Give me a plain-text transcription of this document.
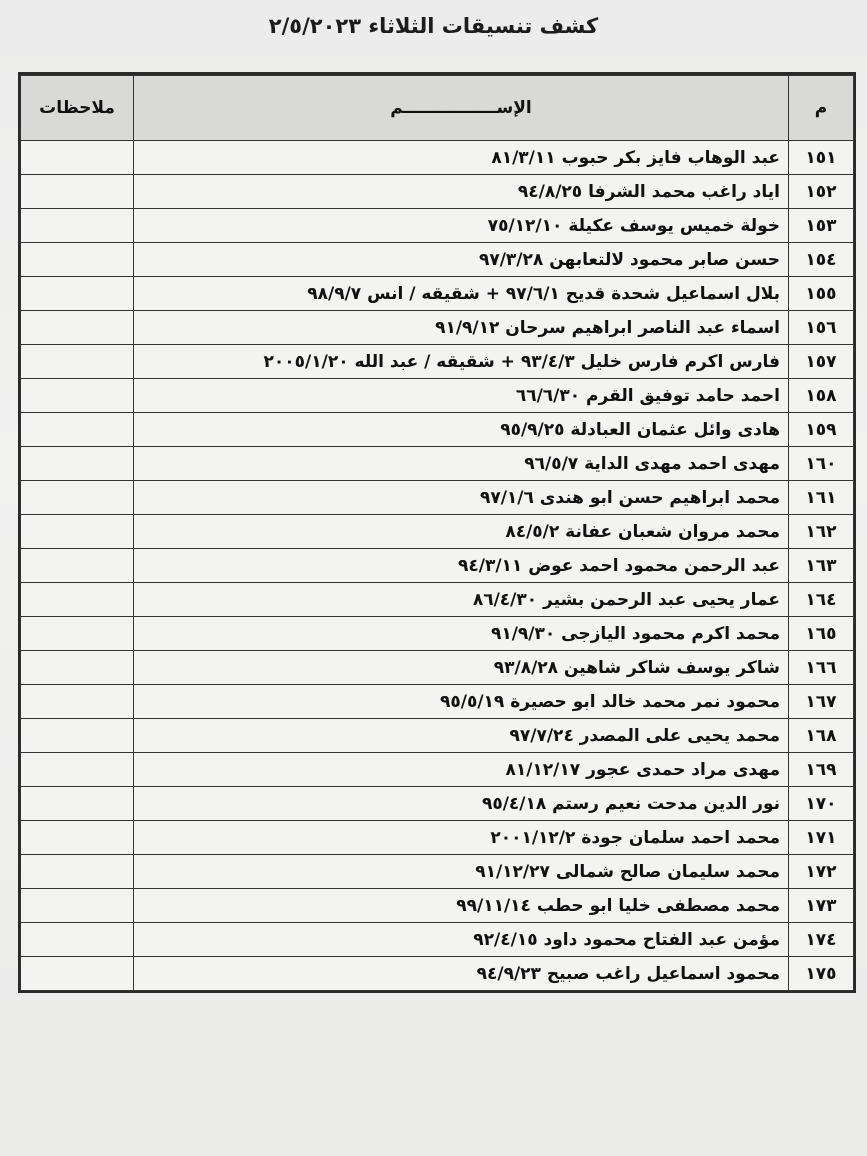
كشف تنسيقات الثلاثاء ٢/٥/٢٠٢٣
م	الإســــــــــــــــم	ملاحظات
١٥١	عبد الوهاب فايز بكر حبوب ٨١/٣/١١	
١٥٢	اياد راغب محمد الشرفا ٩٤/٨/٢٥	
١٥٣	خولة خميس يوسف عكيلة ٧٥/١٢/١٠	
١٥٤	حسن صابر محمود لالتعابهن ٩٧/٣/٢٨	
١٥٥	بلال اسماعيل شحدة قديح ٩٧/٦/١ + شقيقه / انس ٩٨/٩/٧	
١٥٦	اسماء عبد الناصر ابراهيم سرحان ٩١/٩/١٢	
١٥٧	فارس اكرم فارس خليل ٩٣/٤/٣ + شقيقه / عبد الله ٢٠٠٥/١/٢٠	
١٥٨	احمد حامد توفيق القرم ٦٦/٦/٣٠	
١٥٩	هادى وائل عثمان العبادلة ٩٥/٩/٢٥	
١٦٠	مهدى احمد مهدى الداية ٩٦/٥/٧	
١٦١	محمد ابراهيم حسن ابو هندى ٩٧/١/٦	
١٦٢	محمد مروان شعبان عفانة ٨٤/٥/٢	
١٦٣	عبد الرحمن محمود احمد عوض ٩٤/٣/١١	
١٦٤	عمار يحيى عبد الرحمن بشير ٨٦/٤/٣٠	
١٦٥	محمد اكرم محمود اليازجى ٩١/٩/٣٠	
١٦٦	شاكر يوسف شاكر شاهين ٩٣/٨/٢٨	
١٦٧	محمود نمر محمد خالد ابو حصيرة ٩٥/٥/١٩	
١٦٨	محمد يحيى على المصدر ٩٧/٧/٢٤	
١٦٩	مهدى مراد حمدى عجور ٨١/١٢/١٧	
١٧٠	نور الدين مدحت نعيم رستم ٩٥/٤/١٨	
١٧١	محمد احمد سلمان جودة ٢٠٠١/١٢/٢	
١٧٢	محمد سليمان صالح شمالى ٩١/١٢/٢٧	
١٧٣	محمد مصطفى خليا ابو حطب ٩٩/١١/١٤	
١٧٤	مؤمن عبد الفتاح محمود داود ٩٢/٤/١٥	
١٧٥	محمود اسماعيل راغب صبيح ٩٤/٩/٢٣	
